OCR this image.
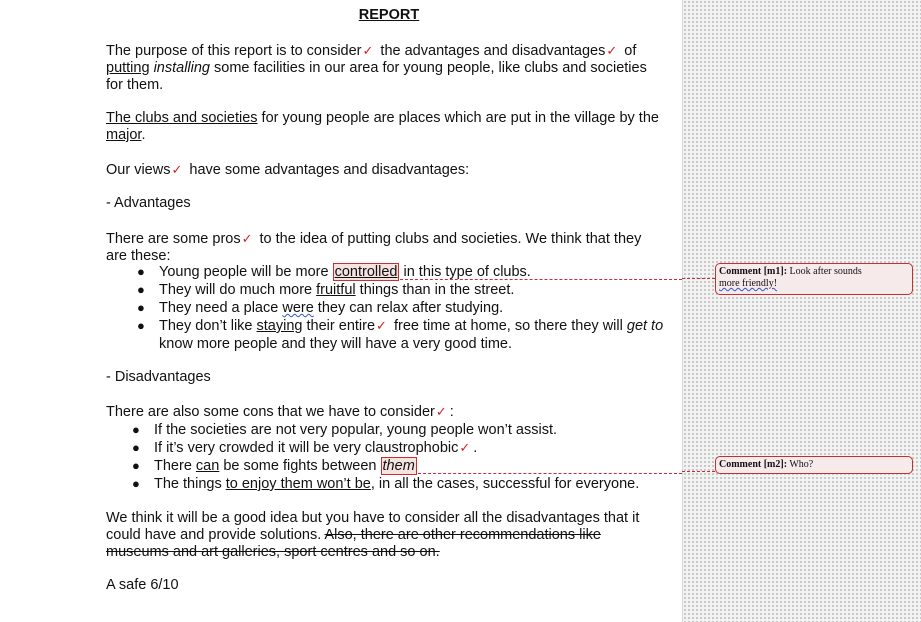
REPORT
The purpose of this report is to consider✓ the advantages and disadvantages✓ of
putting installing some facilities in our area for young people, like clubs and societies
for them.
The clubs and societies for young people are places which are put in the village by the
major.
Our views✓ have some advantages and disadvantages:
- Advantages
There are some pros✓ to the idea of putting clubs and societies. We think that they
are these:
● Young people will be more controlled in this type of clubs.
● They will do much more fruitful things than in the street.
● They need a place were they can relax after studying.
● They don’t like staying their entire✓ free time at home, so there they will get to
know more people and they will have a very good time.
- Disadvantages
There are also some cons that we have to consider✓ :
● If the societies are not very popular, young people won’t assist.
● If it’s very crowded it will be very claustrophobic✓ .
● There can be some fights between them
● The things to enjoy them won’t be, in all the cases, successful for everyone.
We think it will be a good idea but you have to consider all the disadvantages that it
could have and provide solutions. Also, there are other recommendations like
museums and art galleries, sport centres and so on.
A safe 6/10
Comment [m1]: Look after sounds
more friendly!
Comment [m2]: Who?
